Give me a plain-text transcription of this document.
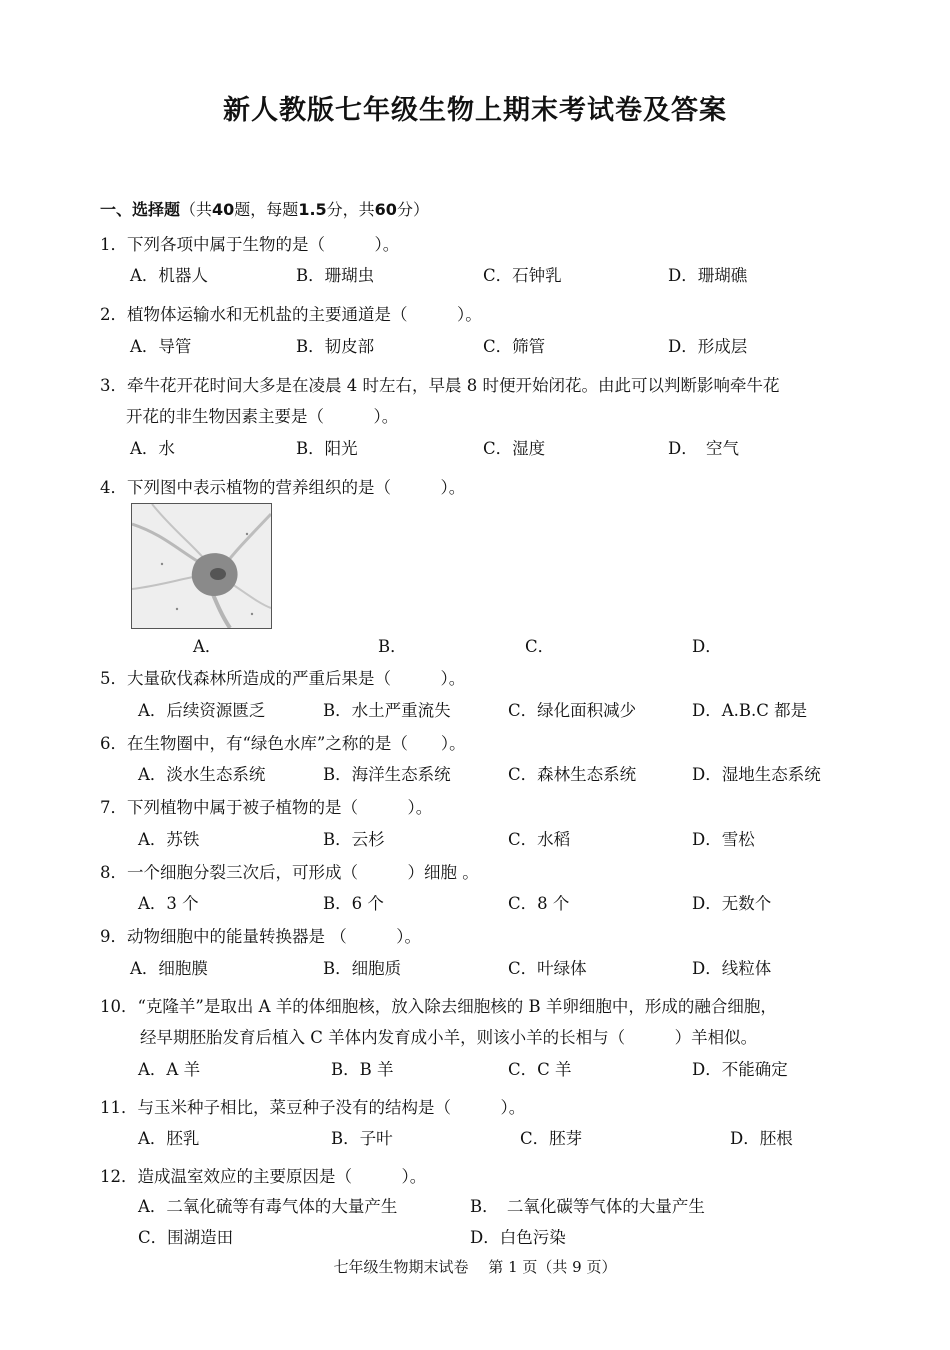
新人教版七年级生物上期末考试卷及答案
一、选择题（共40题，每题1.5分，共60分）
1．下列各项中属于生物的是（　　　）。
A．机器人	B．珊瑚虫	C．石钟乳	D．珊瑚礁
2．植物体运输水和无机盐的主要通道是（　　　）。
A．导管	B．韧皮部	C．筛管	D．形成层
3．牵牛花开花时间大多是在凌晨 4 时左右，早晨 8 时便开始闭花。由此可以判断影响牵牛花
开花的非生物因素主要是（　　　）。
A．水	B．阳光	C．湿度	D．　空气
4．下列图中表示植物的营养组织的是（　　　）。
A．	B．	C．	D．
5．大量砍伐森林所造成的严重后果是（　　　）。
A．后续资源匮乏	B．水土严重流失	C．绿化面积减少	D．A.B.C 都是
6．在生物圈中，有“绿色水库”之称的是（　　）。
A．淡水生态系统	B．海洋生态系统	C．森林生态系统	D．湿地生态系统
7．下列植物中属于被子植物的是（　　　）。
A．苏铁	B．云杉	C．水稻	D．雪松
8．一个细胞分裂三次后，可形成（　　　）细胞 。
A．3 个	B．6 个	C．8 个	D．无数个
9．动物细胞中的能量转换器是 （　　　）。
A．细胞膜	B．细胞质	C．叶绿体	D．线粒体
10．“克隆羊”是取出 A 羊的体细胞核，放入除去细胞核的 B 羊卵细胞中，形成的融合细胞，
经早期胚胎发育后植入 C 羊体内发育成小羊，则该小羊的长相与（　　　）羊相似。
A．A 羊	B．B 羊	C．C 羊	D．不能确定
11．与玉米种子相比，菜豆种子没有的结构是（　　　）。
A．胚乳	B．子叶	C．胚芽	D．胚根
12．造成温室效应的主要原因是（　　　）。
A．二氧化硫等有毒气体的大量产生	B．　二氧化碳等气体的大量产生
C．围湖造田	D．白色污染
七年级生物期末试卷　 第 1 页（共 9 页）
